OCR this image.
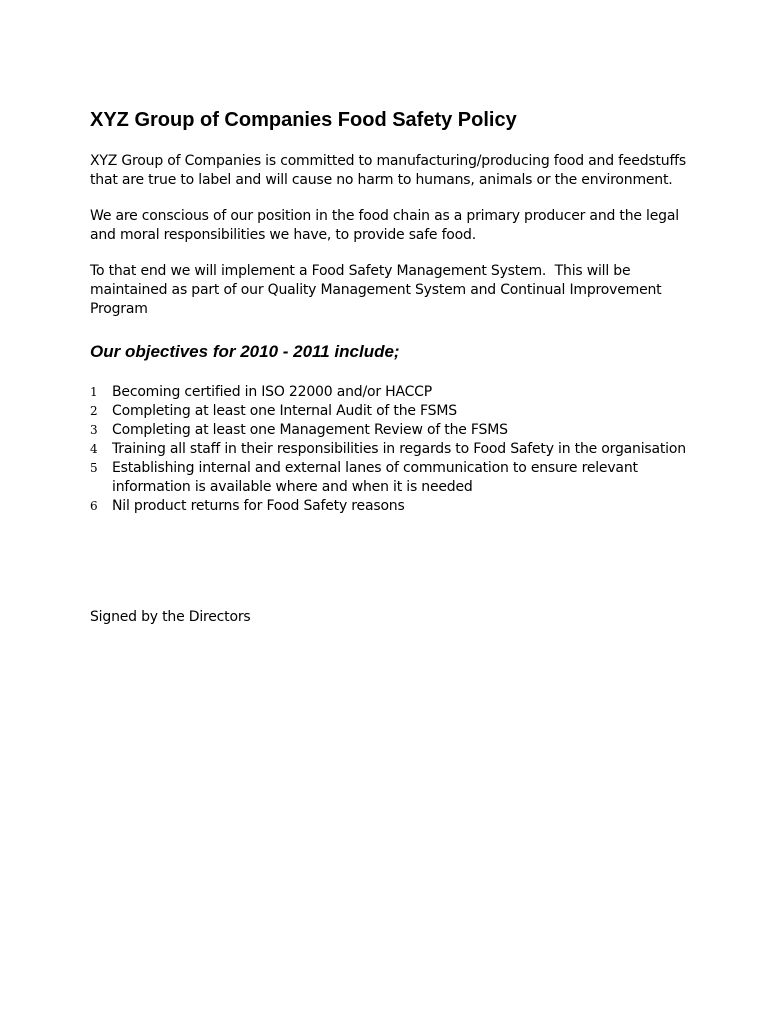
XYZ Group of Companies Food Safety Policy

XYZ Group of Companies is committed to manufacturing/producing food and feedstuffs that are true to label and will cause no harm to humans, animals or the environment.

We are conscious of our position in the food chain as a primary producer and the legal and moral responsibilities we have, to provide safe food.

To that end we will implement a Food Safety Management System.  This will be maintained as part of our Quality Management System and Continual Improvement Program

Our objectives for 2010 - 2011 include;
1	Becoming certified in ISO 22000 and/or HACCP
2	Completing at least one Internal Audit of the FSMS
3	Completing at least one Management Review of the FSMS
4	Training all staff in their responsibilities in regards to Food Safety in the organisation
5	Establishing internal and external lanes of communication to ensure relevant information is available where and when it is needed
6	Nil product returns for Food Safety reasons
Signed by the Directors
